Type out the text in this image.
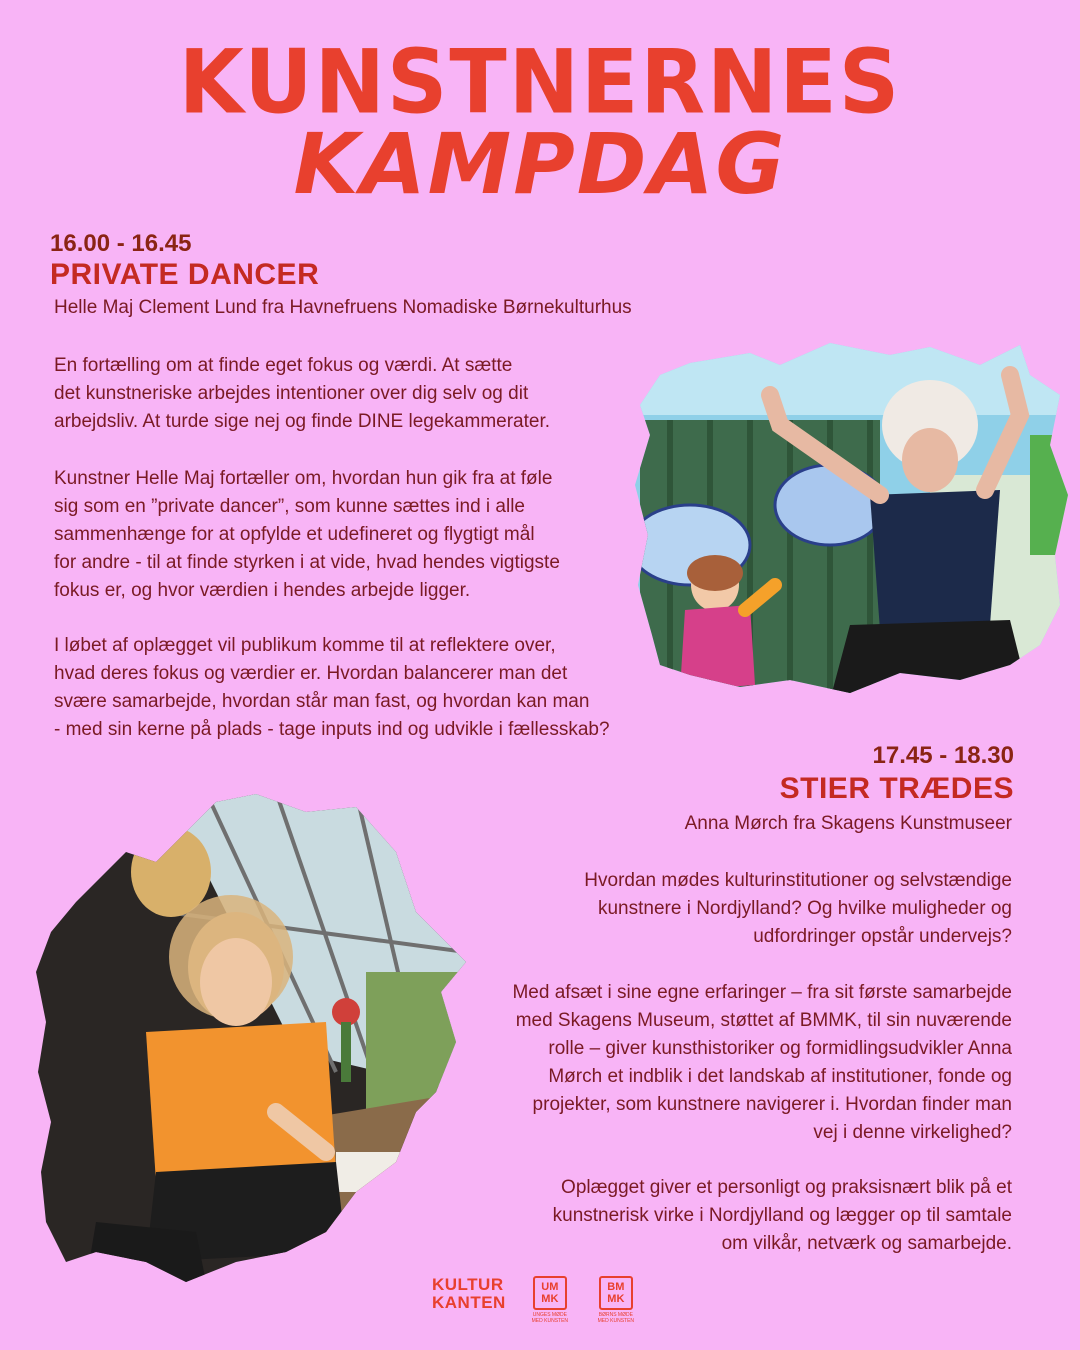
KUNSTNERNES
KAMPDAG
16.00 - 16.45
PRIVATE DANCER
Helle Maj Clement Lund fra Havnefruens Nomadiske Børnekulturhus
En fortælling om at finde eget fokus og værdi. At sætte
det kunstneriske arbejdes intentioner over dig selv og dit
arbejdsliv. At turde sige nej og finde DINE legekammerater.
Kunstner Helle Maj fortæller om, hvordan hun gik fra at føle
sig som en ”private dancer”, som kunne sættes ind i alle
sammenhænge for at opfylde et udefineret og flygtigt mål
for andre - til at finde styrken i at vide, hvad hendes vigtigste
fokus er, og hvor værdien i hendes arbejde ligger.
I løbet af oplægget vil publikum komme til at reflektere over,
hvad deres fokus og værdier er. Hvordan balancerer man det
svære samarbejde, hvordan står man fast, og hvordan kan man
- med sin kerne på plads - tage inputs ind og udvikle i fællesskab?
17.45 - 18.30
STIER TRÆDES
Anna Mørch fra Skagens Kunstmuseer
Hvordan mødes kulturinstitutioner og selvstændige
kunstnere i Nordjylland? Og hvilke muligheder og
udfordringer opstår undervejs?
Med afsæt i sine egne erfaringer – fra sit første samarbejde
med Skagens Museum, støttet af BMMK, til sin nuværende
rolle – giver kunsthistoriker og formidlingsudvikler Anna
Mørch et indblik i det landskab af institutioner, fonde og
projekter, som kunstnere navigerer i. Hvordan finder man
vej i denne virkelighed?
Oplægget giver et personligt og praksisnært blik på et
kunstnerisk virke i Nordjylland og lægger op til samtale
om vilkår, netværk og samarbejde.
KULTUR
KANTEN
UM
MK
UNGES MØDE MED KUNSTEN
BM
MK
BØRNS MØDE MED KUNSTEN
